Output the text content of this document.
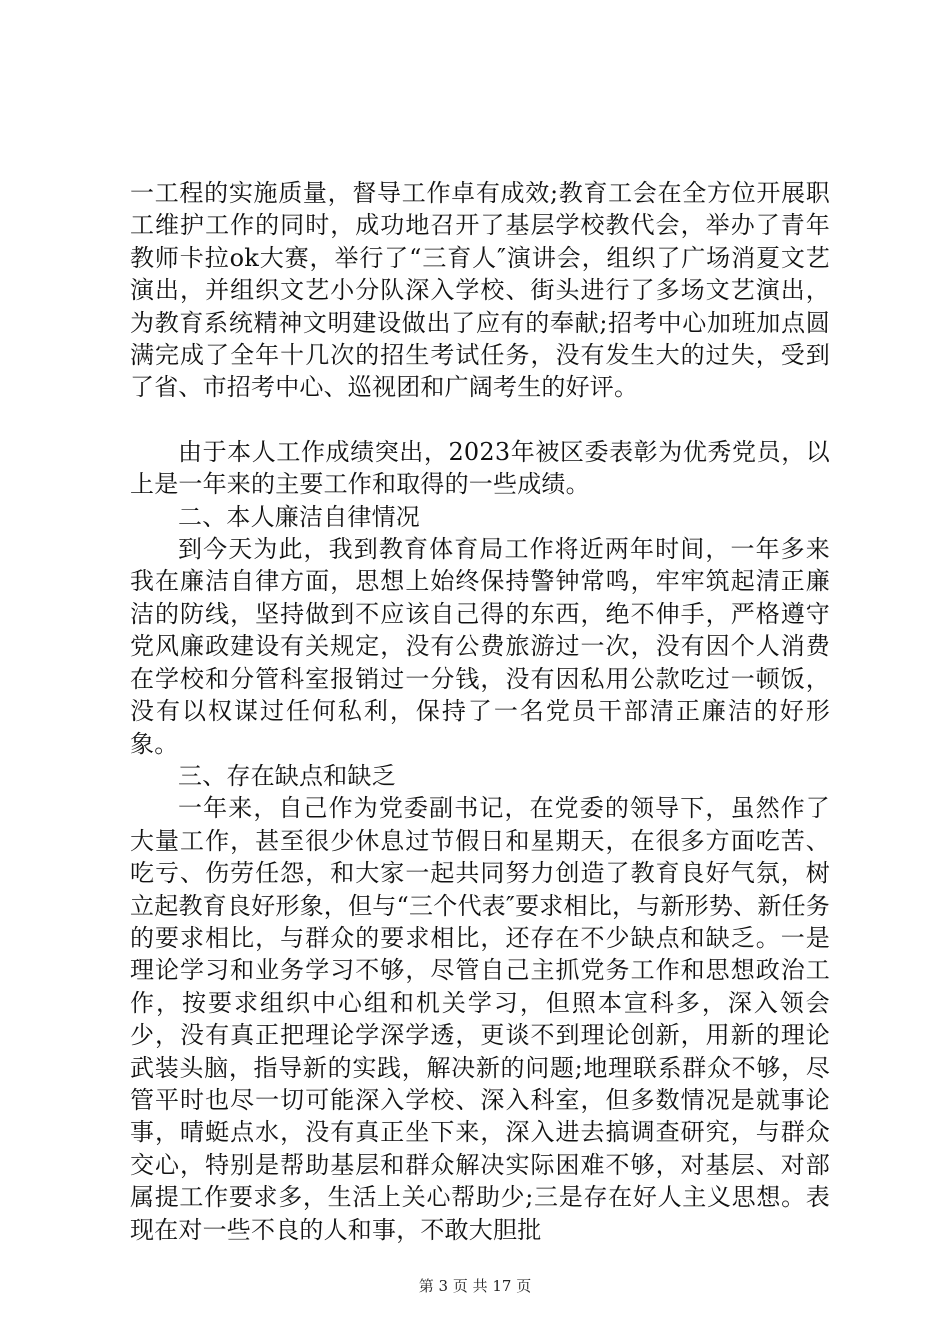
一工程的实施质量，督导工作卓有成效;教育工会在全方位开展职工维护工作的同时，成功地召开了基层学校教代会，举办了青年教师卡拉ok大赛，举行了“三育人″演讲会，组织了广场消夏文艺演出，并组织文艺小分队深入学校、街头进行了多场文艺演出，为教育系统精神文明建设做出了应有的奉献;招考中心加班加点圆满完成了全年十几次的招生考试任务，没有发生大的过失，受到了省、市招考中心、巡视团和广阔考生的好评。

由于本人工作成绩突出，2023年被区委表彰为优秀党员，以上是一年来的主要工作和取得的一些成绩。

二、本人廉洁自律情况

到今天为此，我到教育体育局工作将近两年时间，一年多来我在廉洁自律方面，思想上始终保持警钟常鸣，牢牢筑起清正廉洁的防线，坚持做到不应该自己得的东西，绝不伸手，严格遵守党风廉政建设有关规定，没有公费旅游过一次，没有因个人消费在学校和分管科室报销过一分钱，没有因私用公款吃过一顿饭，没有以权谋过任何私利，保持了一名党员干部清正廉洁的好形象。

三、存在缺点和缺乏

一年来，自己作为党委副书记，在党委的领导下，虽然作了大量工作，甚至很少休息过节假日和星期天，在很多方面吃苦、吃亏、伤劳任怨，和大家一起共同努力创造了教育良好气氛，树立起教育良好形象，但与“三个代表″要求相比，与新形势、新任务的要求相比，与群众的要求相比，还存在不少缺点和缺乏。一是理论学习和业务学习不够，尽管自己主抓党务工作和思想政治工作，按要求组织中心组和机关学习，但照本宣科多，深入领会少，没有真正把理论学深学透，更谈不到理论创新，用新的理论武装头脑，指导新的实践，解决新的问题;地理联系群众不够，尽管平时也尽一切可能深入学校、深入科室，但多数情况是就事论事，晴蜓点水，没有真正坐下来，深入进去搞调查研究，与群众交心，特别是帮助基层和群众解决实际困难不够，对基层、对部属提工作要求多，生活上关心帮助少;三是存在好人主义思想。表现在对一些不良的人和事，不敢大胆批

第 3 页 共 17 页
